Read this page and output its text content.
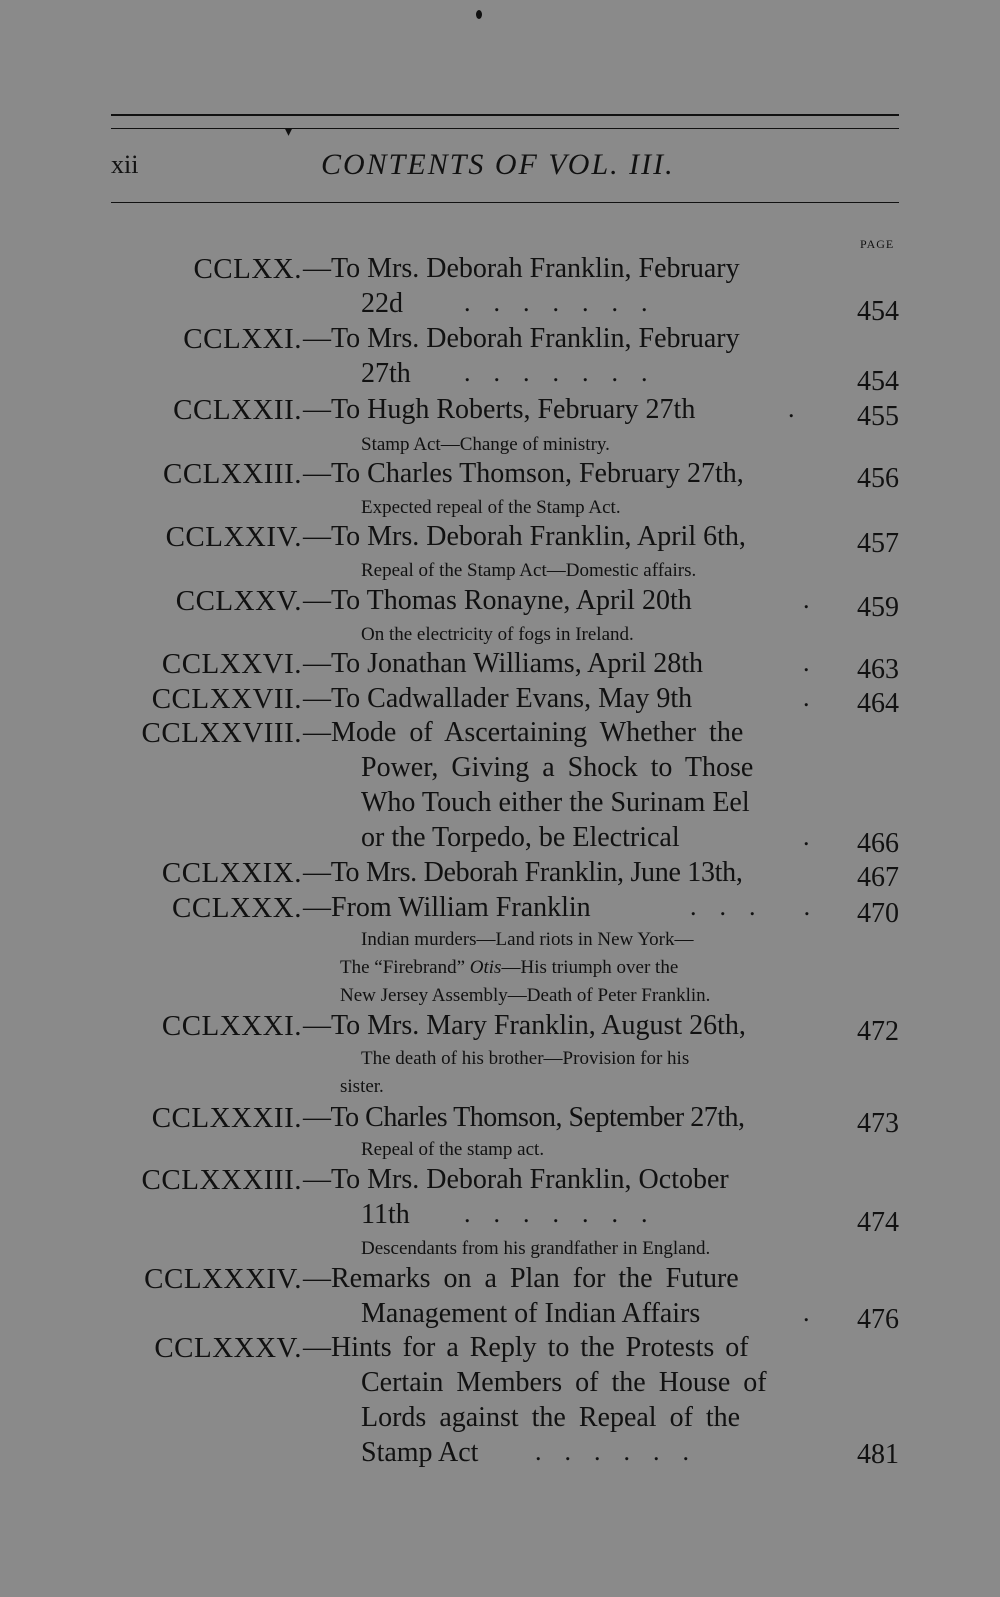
▾
xii	CONTENTS OF VOL. III.
PAGE
CCLXX. —To Mrs. Deborah Franklin, February
22d .......	454
CCLXXI. —To Mrs. Deborah Franklin, February
27th .......	454
CCLXXII. —To Hugh Roberts, February 27th	. 455
Stamp Act—Change of ministry.
CCLXXIII. —To Charles Thomson, February 27th,	456
Expected repeal of the Stamp Act.
CCLXXIV. —To Mrs. Deborah Franklin, April 6th,	457
Repeal of the Stamp Act—Domestic affairs.
CCLXXV. —To Thomas Ronayne, April 20th	. 459
On the electricity of fogs in Ireland.
CCLXXVI. —To Jonathan Williams, April 28th	. 463
CCLXXVII. —To Cadwallader Evans, May 9th	. 464
CCLXXVIII. —Mode of Ascertaining Whether the
Power, Giving a Shock to Those
Who Touch either the Surinam Eel
or the Torpedo, be Electrical	. 466
CCLXXIX. —To Mrs. Deborah Franklin, June 13th,	467
CCLXXX. —From William Franklin	... . 470
Indian murders—Land riots in New York—
The “Firebrand” Otis—His triumph over the
New Jersey Assembly—Death of Peter Franklin.
CCLXXXI. —To Mrs. Mary Franklin, August 26th,	472
The death of his brother—Provision for his
sister.
CCLXXXII. —To Charles Thomson, September 27th,	473
Repeal of the stamp act.
CCLXXXIII. —To Mrs. Deborah Franklin, October
11th .......	474
Descendants from his grandfather in England.
CCLXXXIV. —Remarks on a Plan for the Future
Management of Indian Affairs	. 476
CCLXXXV. —Hints for a Reply to the Protests of
Certain Members of the House of
Lords against the Repeal of the
Stamp Act ......	481
